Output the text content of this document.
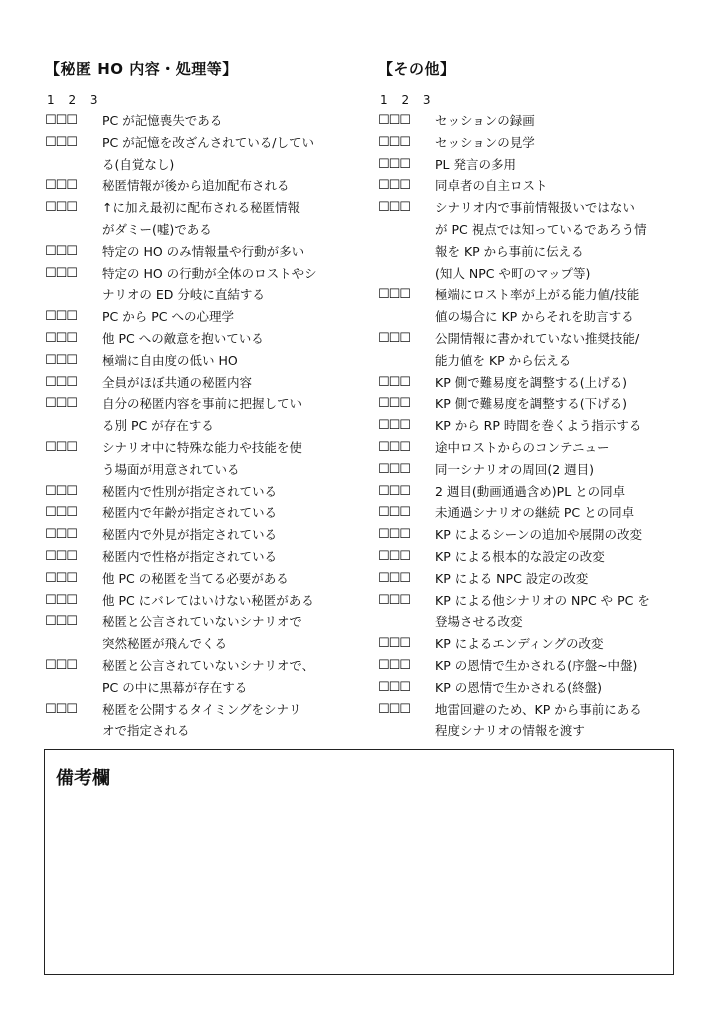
【秘匿 HO 内容・処理等】
1 2 3
☐☐☐	PC が記憶喪失である
☐☐☐	PC が記憶を改ざんされている/してい
る(自覚なし)
☐☐☐	秘匿情報が後から追加配布される
☐☐☐	↑に加え最初に配布される秘匿情報
がダミー(嘘)である
☐☐☐	特定の HO のみ情報量や行動が多い
☐☐☐	特定の HO の行動が全体のロストやシ
ナリオの ED 分岐に直結する
☐☐☐	PC から PC への心理学
☐☐☐	他 PC への敵意を抱いている
☐☐☐	極端に自由度の低い HO
☐☐☐	全員がほぼ共通の秘匿内容
☐☐☐	自分の秘匿内容を事前に把握してい
る別 PC が存在する
☐☐☐	シナリオ中に特殊な能力や技能を使
う場面が用意されている
☐☐☐	秘匿内で性別が指定されている
☐☐☐	秘匿内で年齢が指定されている
☐☐☐	秘匿内で外見が指定されている
☐☐☐	秘匿内で性格が指定されている
☐☐☐	他 PC の秘匿を当てる必要がある
☐☐☐	他 PC にバレてはいけない秘匿がある
☐☐☐	秘匿と公言されていないシナリオで
突然秘匿が飛んでくる
☐☐☐	秘匿と公言されていないシナリオで、
PC の中に黒幕が存在する
☐☐☐	秘匿を公開するタイミングをシナリ
オで指定される
【その他】
1 2 3
☐☐☐	セッションの録画
☐☐☐	セッションの見学
☐☐☐	PL 発言の多用
☐☐☐	同卓者の自主ロスト
☐☐☐	シナリオ内で事前情報扱いではない
が PC 視点では知っているであろう情
報を KP から事前に伝える
(知人 NPC や町のマップ等)
☐☐☐	極端にロスト率が上がる能力値/技能
値の場合に KP からそれを助言する
☐☐☐	公開情報に書かれていない推奨技能/
能力値を KP から伝える
☐☐☐	KP 側で難易度を調整する(上げる)
☐☐☐	KP 側で難易度を調整する(下げる)
☐☐☐	KP から RP 時間を巻くよう指示する
☐☐☐	途中ロストからのコンテニュー
☐☐☐	同一シナリオの周回(2 週目)
☐☐☐	2 週目(動画通過含め)PL との同卓
☐☐☐	未通過シナリオの継続 PC との同卓
☐☐☐	KP によるシーンの追加や展開の改変
☐☐☐	KP による根本的な設定の改変
☐☐☐	KP による NPC 設定の改変
☐☐☐	KP による他シナリオの NPC や PC を
登場させる改変
☐☐☐	KP によるエンディングの改変
☐☐☐	KP の恩情で生かされる(序盤~中盤)
☐☐☐	KP の恩情で生かされる(終盤)
☐☐☐	地雷回避のため、KP から事前にある
程度シナリオの情報を渡す
備考欄
